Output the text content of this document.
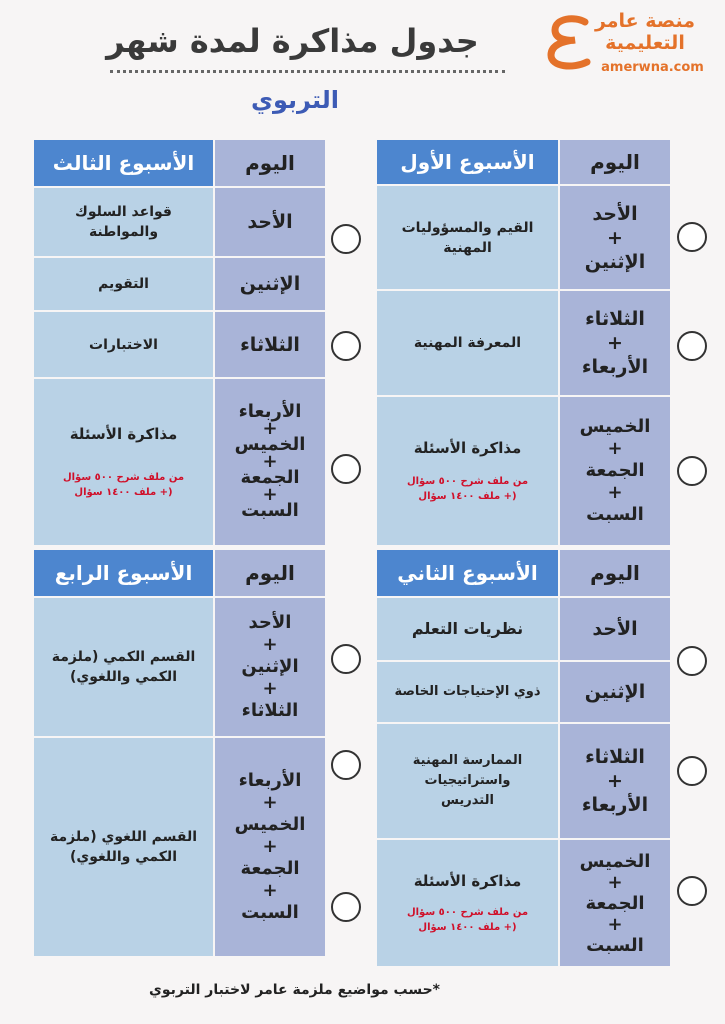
منصة عامر
التعليمية
amerwna.com
جدول مذاكرة لمدة شهر
التربوي
اليوم
الأسبوع الأول
الأحد
+
الإثنين
القيم والمسؤوليات المهنية
الثلاثاء
+
الأربعاء
المعرفة المهنية
الخميس
+
الجمعة
+
السبت
مذاكرة الأسئلة
من ملف شرح ٥٠٠ سؤال
(+ ملف ١٤٠٠ سؤال
اليوم
الأسبوع الثاني
الأحد
نظريات التعلم
الإثنين
ذوي الإحتياجات الخاصة
الثلاثاء
+
الأربعاء
الممارسة المهنية واستراتيجيات التدريس
الخميس
+
الجمعة
+
السبت
مذاكرة الأسئلة
من ملف شرح ٥٠٠ سؤال
(+ ملف ١٤٠٠ سؤال
اليوم
الأسبوع الثالث
الأحد
قواعد السلوك والمواطنة
الإثنين
التقويم
الثلاثاء
الاختبارات
الأربعاء
+
الخميس
+
الجمعة
+
السبت
مذاكرة الأسئلة
من ملف شرح ٥٠٠ سؤال
(+ ملف ١٤٠٠ سؤال
اليوم
الأسبوع الرابع
الأحد
+
الإثنين
+
الثلاثاء
القسم الكمي (ملزمة الكمي واللغوي)
الأربعاء
+
الخميس
+
الجمعة
+
السبت
القسم اللغوي (ملزمة الكمي واللغوي)
*حسب مواضيع ملزمة عامر لاختبار التربوي
